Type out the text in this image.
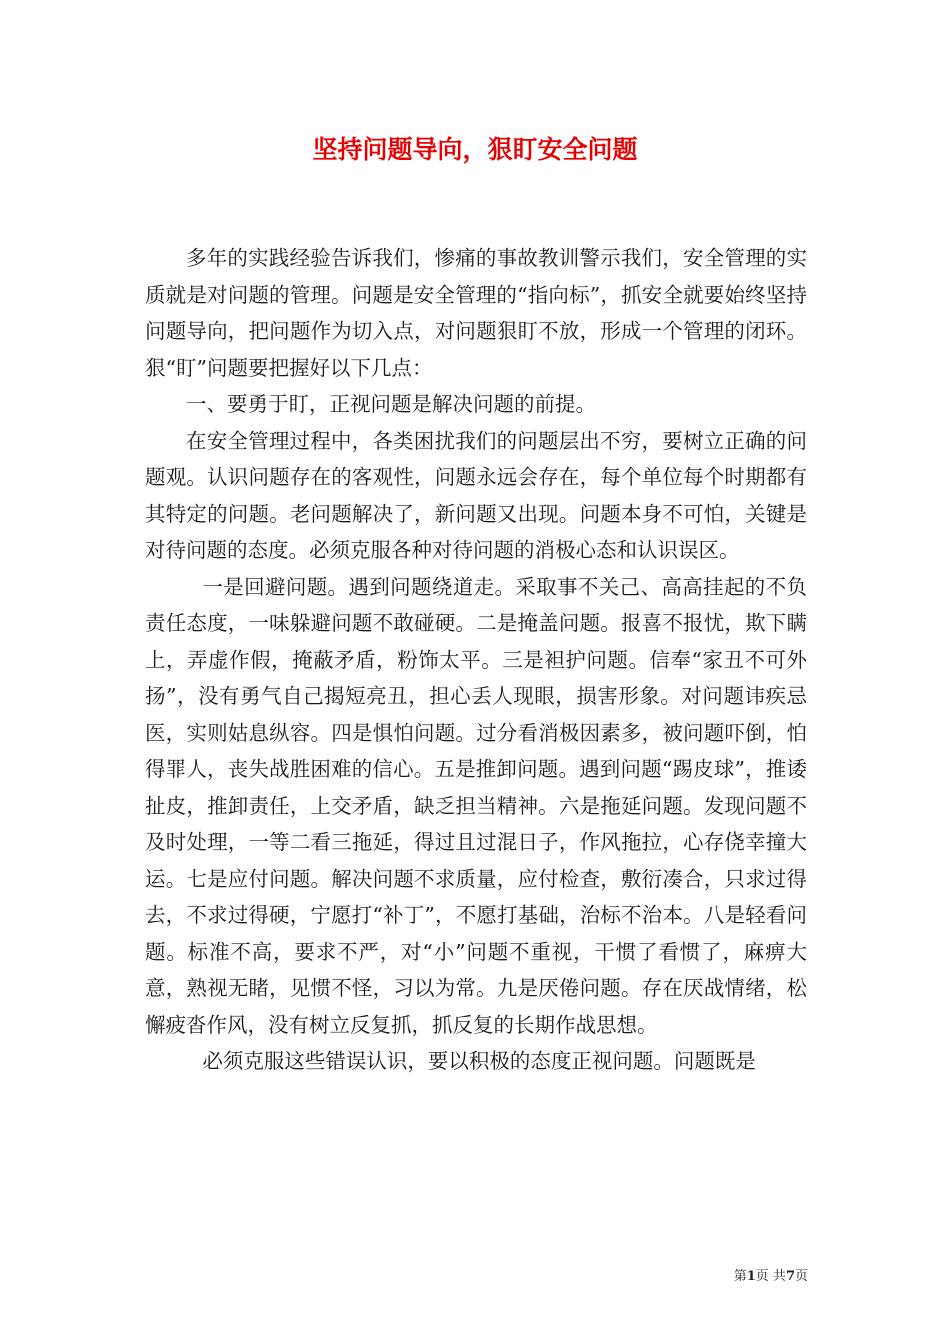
坚持问题导向，狠盯安全问题

多年的实践经验告诉我们，惨痛的事故教训警示我们，安全管理的实质就是对问题的管理。问题是安全管理的“指向标”，抓安全就要始终坚持问题导向，把问题作为切入点，对问题狠盯不放，形成一个管理的闭环。狠“盯”问题要把握好以下几点：

一、要勇于盯，正视问题是解决问题的前提。

在安全管理过程中，各类困扰我们的问题层出不穷，要树立正确的问题观。认识问题存在的客观性，问题永远会存在，每个单位每个时期都有其特定的问题。老问题解决了，新问题又出现。问题本身不可怕，关键是对待问题的态度。必须克服各种对待问题的消极心态和认识误区。

一是回避问题。遇到问题绕道走。采取事不关己、高高挂起的不负责任态度，一味躲避问题不敢碰硬。二是掩盖问题。报喜不报忧，欺下瞒上，弄虚作假，掩蔽矛盾，粉饰太平。三是袒护问题。信奉“家丑不可外扬”，没有勇气自己揭短亮丑，担心丢人现眼，损害形象。对问题讳疾忌医，实则姑息纵容。四是惧怕问题。过分看消极因素多，被问题吓倒，怕得罪人，丧失战胜困难的信心。五是推卸问题。遇到问题“踢皮球”，推诿扯皮，推卸责任，上交矛盾，缺乏担当精神。六是拖延问题。发现问题不及时处理，一等二看三拖延，得过且过混日子，作风拖拉，心存侥幸撞大运。七是应付问题。解决问题不求质量，应付检查，敷衍凑合，只求过得去，不求过得硬，宁愿打“补丁”，不愿打基础，治标不治本。八是轻看问题。标准不高，要求不严，对“小”问题不重视，干惯了看惯了，麻痹大意，熟视无睹，见惯不怪，习以为常。九是厌倦问题。存在厌战情绪，松懈疲沓作风，没有树立反复抓，抓反复的长期作战思想。

必须克服这些错误认识，要以积极的态度正视问题。问题既是

第1页 共7页
